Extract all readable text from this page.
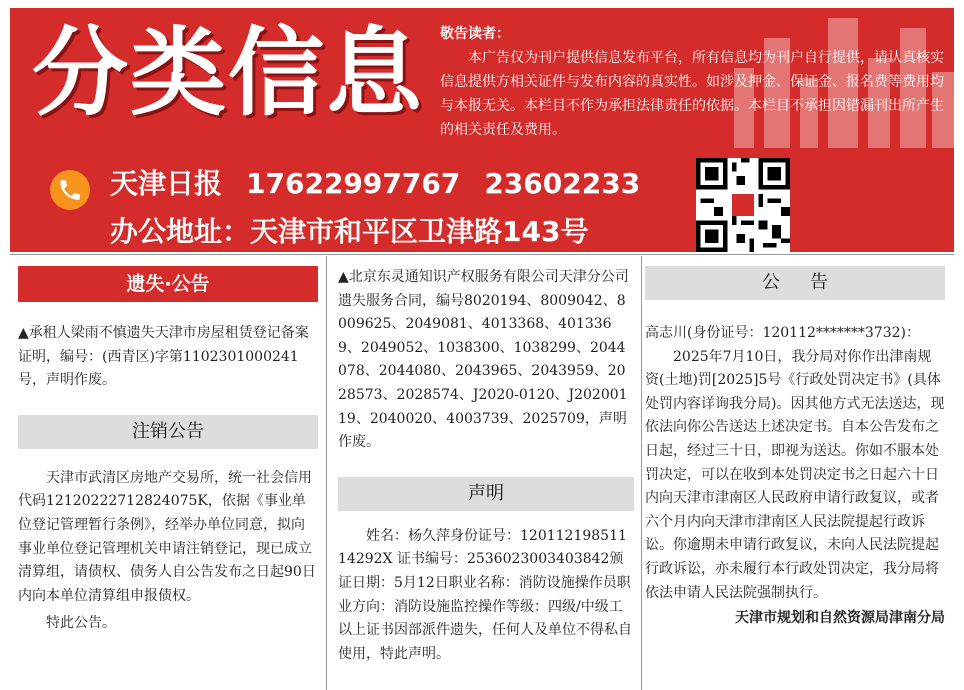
分类信息 敬告读者：
本广告仅为刊户提供信息发布平台，所有信息均为刊户自行提供，请认真核实信息提供方相关证件与发布内容的真实性。如涉及押金、保证金、报名费等费用均与本报无关。本栏目不作为承担法律责任的依据。本栏目不承担因错漏刊出所产生的相关责任及费用。
天津日报 17622997767 23602233
办公地址：天津市和平区卫津路143号
遗失·公告

▲承租人梁雨不慎遗失天津市房屋租赁登记备案证明，编号：(西青区)字第1102301000241号，声明作废。

注销公告

天津市武清区房地产交易所，统一社会信用代码12120222712824075K，依据《事业单位登记管理暂行条例》，经举办单位同意，拟向事业单位登记管理机关申请注销登记，现已成立清算组，请债权、债务人自公告发布之日起90日内向本单位清算组申报债权。

特此公告。

▲北京东灵通知识产权服务有限公司天津分公司遗失服务合同，编号8020194、8009042、8009625、2049081、4013368、4013369、2049052、1038300、1038299、2044078、2044080、2043965、2043959、2028573、2028574、J2020-0120、J20200119、2040020、4003739、2025709，声明作废。

声明

姓名：杨久萍身份证号：12011219851114292X 证书编号：2536023003403842颁证日期：5月12日职业名称：消防设施操作员职业方向：消防设施监控操作等级：四级/中级工以上证书因部派件遗失，任何人及单位不得私自使用，特此声明。

公告

高志川(身份证号：120112*******3732)：

2025年7月10日，我分局对你作出津南规资(土地)罚[2025]5号《行政处罚决定书》(具体处罚内容详询我分局)。因其他方式无法送达，现依法向你公告送达上述决定书。自本公告发布之日起，经过三十日，即视为送达。你如不服本处罚决定，可以在收到本处罚决定书之日起六十日内向天津市津南区人民政府申请行政复议，或者六个月内向天津市津南区人民法院提起行政诉讼。你逾期未申请行政复议，未向人民法院提起行政诉讼，亦未履行本行政处罚决定，我分局将依法申请人民法院强制执行。

天津市规划和自然资源局津南分局
